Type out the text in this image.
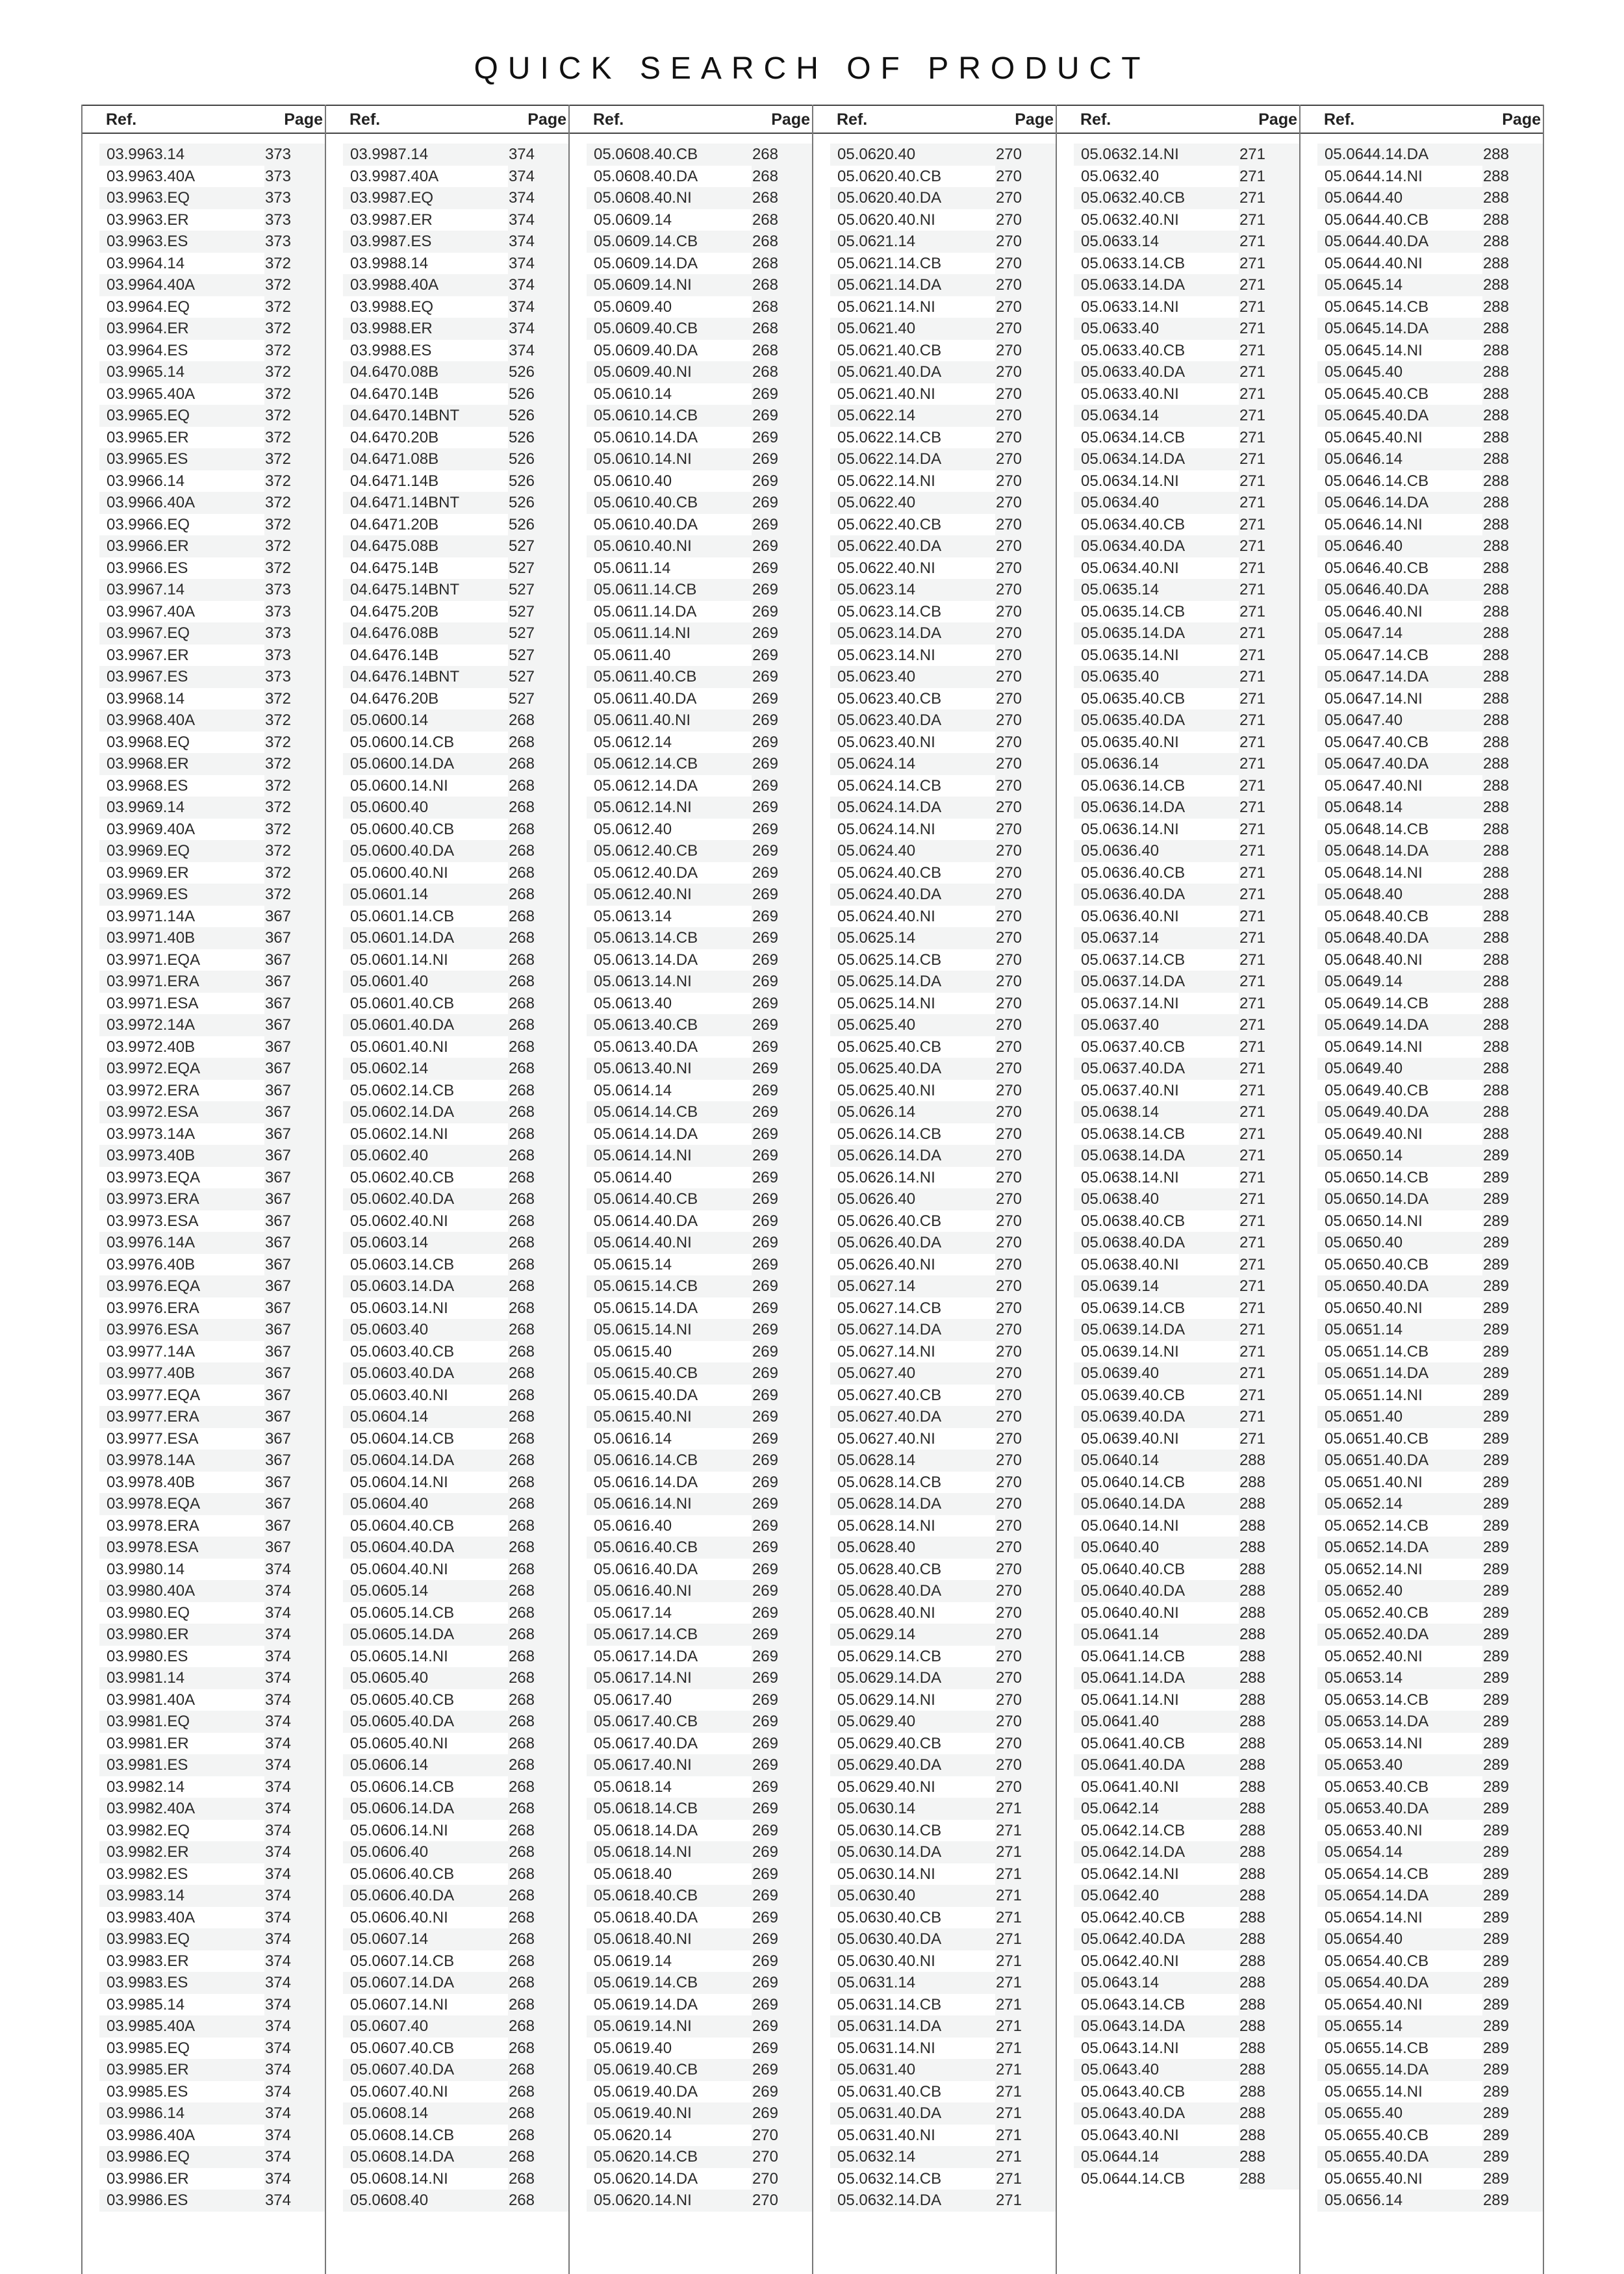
QUICK SEARCH OF PRODUCT
Ref.	Page
03.9963.14	373
03.9963.40A	373
03.9963.EQ	373
03.9963.ER	373
03.9963.ES	373
03.9964.14	372
03.9964.40A	372
03.9964.EQ	372
03.9964.ER	372
03.9964.ES	372
03.9965.14	372
03.9965.40A	372
03.9965.EQ	372
03.9965.ER	372
03.9965.ES	372
03.9966.14	372
03.9966.40A	372
03.9966.EQ	372
03.9966.ER	372
03.9966.ES	372
03.9967.14	373
03.9967.40A	373
03.9967.EQ	373
03.9967.ER	373
03.9967.ES	373
03.9968.14	372
03.9968.40A	372
03.9968.EQ	372
03.9968.ER	372
03.9968.ES	372
03.9969.14	372
03.9969.40A	372
03.9969.EQ	372
03.9969.ER	372
03.9969.ES	372
03.9971.14A	367
03.9971.40B	367
03.9971.EQA	367
03.9971.ERA	367
03.9971.ESA	367
03.9972.14A	367
03.9972.40B	367
03.9972.EQA	367
03.9972.ERA	367
03.9972.ESA	367
03.9973.14A	367
03.9973.40B	367
03.9973.EQA	367
03.9973.ERA	367
03.9973.ESA	367
03.9976.14A	367
03.9976.40B	367
03.9976.EQA	367
03.9976.ERA	367
03.9976.ESA	367
03.9977.14A	367
03.9977.40B	367
03.9977.EQA	367
03.9977.ERA	367
03.9977.ESA	367
03.9978.14A	367
03.9978.40B	367
03.9978.EQA	367
03.9978.ERA	367
03.9978.ESA	367
03.9980.14	374
03.9980.40A	374
03.9980.EQ	374
03.9980.ER	374
03.9980.ES	374
03.9981.14	374
03.9981.40A	374
03.9981.EQ	374
03.9981.ER	374
03.9981.ES	374
03.9982.14	374
03.9982.40A	374
03.9982.EQ	374
03.9982.ER	374
03.9982.ES	374
03.9983.14	374
03.9983.40A	374
03.9983.EQ	374
03.9983.ER	374
03.9983.ES	374
03.9985.14	374
03.9985.40A	374
03.9985.EQ	374
03.9985.ER	374
03.9985.ES	374
03.9986.14	374
03.9986.40A	374
03.9986.EQ	374
03.9986.ER	374
03.9986.ES	374
Ref.	Page
03.9987.14	374
03.9987.40A	374
03.9987.EQ	374
03.9987.ER	374
03.9987.ES	374
03.9988.14	374
03.9988.40A	374
03.9988.EQ	374
03.9988.ER	374
03.9988.ES	374
04.6470.08B	526
04.6470.14B	526
04.6470.14BNT	526
04.6470.20B	526
04.6471.08B	526
04.6471.14B	526
04.6471.14BNT	526
04.6471.20B	526
04.6475.08B	527
04.6475.14B	527
04.6475.14BNT	527
04.6475.20B	527
04.6476.08B	527
04.6476.14B	527
04.6476.14BNT	527
04.6476.20B	527
05.0600.14	268
05.0600.14.CB	268
05.0600.14.DA	268
05.0600.14.NI	268
05.0600.40	268
05.0600.40.CB	268
05.0600.40.DA	268
05.0600.40.NI	268
05.0601.14	268
05.0601.14.CB	268
05.0601.14.DA	268
05.0601.14.NI	268
05.0601.40	268
05.0601.40.CB	268
05.0601.40.DA	268
05.0601.40.NI	268
05.0602.14	268
05.0602.14.CB	268
05.0602.14.DA	268
05.0602.14.NI	268
05.0602.40	268
05.0602.40.CB	268
05.0602.40.DA	268
05.0602.40.NI	268
05.0603.14	268
05.0603.14.CB	268
05.0603.14.DA	268
05.0603.14.NI	268
05.0603.40	268
05.0603.40.CB	268
05.0603.40.DA	268
05.0603.40.NI	268
05.0604.14	268
05.0604.14.CB	268
05.0604.14.DA	268
05.0604.14.NI	268
05.0604.40	268
05.0604.40.CB	268
05.0604.40.DA	268
05.0604.40.NI	268
05.0605.14	268
05.0605.14.CB	268
05.0605.14.DA	268
05.0605.14.NI	268
05.0605.40	268
05.0605.40.CB	268
05.0605.40.DA	268
05.0605.40.NI	268
05.0606.14	268
05.0606.14.CB	268
05.0606.14.DA	268
05.0606.14.NI	268
05.0606.40	268
05.0606.40.CB	268
05.0606.40.DA	268
05.0606.40.NI	268
05.0607.14	268
05.0607.14.CB	268
05.0607.14.DA	268
05.0607.14.NI	268
05.0607.40	268
05.0607.40.CB	268
05.0607.40.DA	268
05.0607.40.NI	268
05.0608.14	268
05.0608.14.CB	268
05.0608.14.DA	268
05.0608.14.NI	268
05.0608.40	268
Ref.	Page
05.0608.40.CB	268
05.0608.40.DA	268
05.0608.40.NI	268
05.0609.14	268
05.0609.14.CB	268
05.0609.14.DA	268
05.0609.14.NI	268
05.0609.40	268
05.0609.40.CB	268
05.0609.40.DA	268
05.0609.40.NI	268
05.0610.14	269
05.0610.14.CB	269
05.0610.14.DA	269
05.0610.14.NI	269
05.0610.40	269
05.0610.40.CB	269
05.0610.40.DA	269
05.0610.40.NI	269
05.0611.14	269
05.0611.14.CB	269
05.0611.14.DA	269
05.0611.14.NI	269
05.0611.40	269
05.0611.40.CB	269
05.0611.40.DA	269
05.0611.40.NI	269
05.0612.14	269
05.0612.14.CB	269
05.0612.14.DA	269
05.0612.14.NI	269
05.0612.40	269
05.0612.40.CB	269
05.0612.40.DA	269
05.0612.40.NI	269
05.0613.14	269
05.0613.14.CB	269
05.0613.14.DA	269
05.0613.14.NI	269
05.0613.40	269
05.0613.40.CB	269
05.0613.40.DA	269
05.0613.40.NI	269
05.0614.14	269
05.0614.14.CB	269
05.0614.14.DA	269
05.0614.14.NI	269
05.0614.40	269
05.0614.40.CB	269
05.0614.40.DA	269
05.0614.40.NI	269
05.0615.14	269
05.0615.14.CB	269
05.0615.14.DA	269
05.0615.14.NI	269
05.0615.40	269
05.0615.40.CB	269
05.0615.40.DA	269
05.0615.40.NI	269
05.0616.14	269
05.0616.14.CB	269
05.0616.14.DA	269
05.0616.14.NI	269
05.0616.40	269
05.0616.40.CB	269
05.0616.40.DA	269
05.0616.40.NI	269
05.0617.14	269
05.0617.14.CB	269
05.0617.14.DA	269
05.0617.14.NI	269
05.0617.40	269
05.0617.40.CB	269
05.0617.40.DA	269
05.0617.40.NI	269
05.0618.14	269
05.0618.14.CB	269
05.0618.14.DA	269
05.0618.14.NI	269
05.0618.40	269
05.0618.40.CB	269
05.0618.40.DA	269
05.0618.40.NI	269
05.0619.14	269
05.0619.14.CB	269
05.0619.14.DA	269
05.0619.14.NI	269
05.0619.40	269
05.0619.40.CB	269
05.0619.40.DA	269
05.0619.40.NI	269
05.0620.14	270
05.0620.14.CB	270
05.0620.14.DA	270
05.0620.14.NI	270
Ref.	Page
05.0620.40	270
05.0620.40.CB	270
05.0620.40.DA	270
05.0620.40.NI	270
05.0621.14	270
05.0621.14.CB	270
05.0621.14.DA	270
05.0621.14.NI	270
05.0621.40	270
05.0621.40.CB	270
05.0621.40.DA	270
05.0621.40.NI	270
05.0622.14	270
05.0622.14.CB	270
05.0622.14.DA	270
05.0622.14.NI	270
05.0622.40	270
05.0622.40.CB	270
05.0622.40.DA	270
05.0622.40.NI	270
05.0623.14	270
05.0623.14.CB	270
05.0623.14.DA	270
05.0623.14.NI	270
05.0623.40	270
05.0623.40.CB	270
05.0623.40.DA	270
05.0623.40.NI	270
05.0624.14	270
05.0624.14.CB	270
05.0624.14.DA	270
05.0624.14.NI	270
05.0624.40	270
05.0624.40.CB	270
05.0624.40.DA	270
05.0624.40.NI	270
05.0625.14	270
05.0625.14.CB	270
05.0625.14.DA	270
05.0625.14.NI	270
05.0625.40	270
05.0625.40.CB	270
05.0625.40.DA	270
05.0625.40.NI	270
05.0626.14	270
05.0626.14.CB	270
05.0626.14.DA	270
05.0626.14.NI	270
05.0626.40	270
05.0626.40.CB	270
05.0626.40.DA	270
05.0626.40.NI	270
05.0627.14	270
05.0627.14.CB	270
05.0627.14.DA	270
05.0627.14.NI	270
05.0627.40	270
05.0627.40.CB	270
05.0627.40.DA	270
05.0627.40.NI	270
05.0628.14	270
05.0628.14.CB	270
05.0628.14.DA	270
05.0628.14.NI	270
05.0628.40	270
05.0628.40.CB	270
05.0628.40.DA	270
05.0628.40.NI	270
05.0629.14	270
05.0629.14.CB	270
05.0629.14.DA	270
05.0629.14.NI	270
05.0629.40	270
05.0629.40.CB	270
05.0629.40.DA	270
05.0629.40.NI	270
05.0630.14	271
05.0630.14.CB	271
05.0630.14.DA	271
05.0630.14.NI	271
05.0630.40	271
05.0630.40.CB	271
05.0630.40.DA	271
05.0630.40.NI	271
05.0631.14	271
05.0631.14.CB	271
05.0631.14.DA	271
05.0631.14.NI	271
05.0631.40	271
05.0631.40.CB	271
05.0631.40.DA	271
05.0631.40.NI	271
05.0632.14	271
05.0632.14.CB	271
05.0632.14.DA	271
Ref.	Page
05.0632.14.NI	271
05.0632.40	271
05.0632.40.CB	271
05.0632.40.NI	271
05.0633.14	271
05.0633.14.CB	271
05.0633.14.DA	271
05.0633.14.NI	271
05.0633.40	271
05.0633.40.CB	271
05.0633.40.DA	271
05.0633.40.NI	271
05.0634.14	271
05.0634.14.CB	271
05.0634.14.DA	271
05.0634.14.NI	271
05.0634.40	271
05.0634.40.CB	271
05.0634.40.DA	271
05.0634.40.NI	271
05.0635.14	271
05.0635.14.CB	271
05.0635.14.DA	271
05.0635.14.NI	271
05.0635.40	271
05.0635.40.CB	271
05.0635.40.DA	271
05.0635.40.NI	271
05.0636.14	271
05.0636.14.CB	271
05.0636.14.DA	271
05.0636.14.NI	271
05.0636.40	271
05.0636.40.CB	271
05.0636.40.DA	271
05.0636.40.NI	271
05.0637.14	271
05.0637.14.CB	271
05.0637.14.DA	271
05.0637.14.NI	271
05.0637.40	271
05.0637.40.CB	271
05.0637.40.DA	271
05.0637.40.NI	271
05.0638.14	271
05.0638.14.CB	271
05.0638.14.DA	271
05.0638.14.NI	271
05.0638.40	271
05.0638.40.CB	271
05.0638.40.DA	271
05.0638.40.NI	271
05.0639.14	271
05.0639.14.CB	271
05.0639.14.DA	271
05.0639.14.NI	271
05.0639.40	271
05.0639.40.CB	271
05.0639.40.DA	271
05.0639.40.NI	271
05.0640.14	288
05.0640.14.CB	288
05.0640.14.DA	288
05.0640.14.NI	288
05.0640.40	288
05.0640.40.CB	288
05.0640.40.DA	288
05.0640.40.NI	288
05.0641.14	288
05.0641.14.CB	288
05.0641.14.DA	288
05.0641.14.NI	288
05.0641.40	288
05.0641.40.CB	288
05.0641.40.DA	288
05.0641.40.NI	288
05.0642.14	288
05.0642.14.CB	288
05.0642.14.DA	288
05.0642.14.NI	288
05.0642.40	288
05.0642.40.CB	288
05.0642.40.DA	288
05.0642.40.NI	288
05.0643.14	288
05.0643.14.CB	288
05.0643.14.DA	288
05.0643.14.NI	288
05.0643.40	288
05.0643.40.CB	288
05.0643.40.DA	288
05.0643.40.NI	288
05.0644.14	288
05.0644.14.CB	288
Ref.	Page
05.0644.14.DA	288
05.0644.14.NI	288
05.0644.40	288
05.0644.40.CB	288
05.0644.40.DA	288
05.0644.40.NI	288
05.0645.14	288
05.0645.14.CB	288
05.0645.14.DA	288
05.0645.14.NI	288
05.0645.40	288
05.0645.40.CB	288
05.0645.40.DA	288
05.0645.40.NI	288
05.0646.14	288
05.0646.14.CB	288
05.0646.14.DA	288
05.0646.14.NI	288
05.0646.40	288
05.0646.40.CB	288
05.0646.40.DA	288
05.0646.40.NI	288
05.0647.14	288
05.0647.14.CB	288
05.0647.14.DA	288
05.0647.14.NI	288
05.0647.40	288
05.0647.40.CB	288
05.0647.40.DA	288
05.0647.40.NI	288
05.0648.14	288
05.0648.14.CB	288
05.0648.14.DA	288
05.0648.14.NI	288
05.0648.40	288
05.0648.40.CB	288
05.0648.40.DA	288
05.0648.40.NI	288
05.0649.14	288
05.0649.14.CB	288
05.0649.14.DA	288
05.0649.14.NI	288
05.0649.40	288
05.0649.40.CB	288
05.0649.40.DA	288
05.0649.40.NI	288
05.0650.14	289
05.0650.14.CB	289
05.0650.14.DA	289
05.0650.14.NI	289
05.0650.40	289
05.0650.40.CB	289
05.0650.40.DA	289
05.0650.40.NI	289
05.0651.14	289
05.0651.14.CB	289
05.0651.14.DA	289
05.0651.14.NI	289
05.0651.40	289
05.0651.40.CB	289
05.0651.40.DA	289
05.0651.40.NI	289
05.0652.14	289
05.0652.14.CB	289
05.0652.14.DA	289
05.0652.14.NI	289
05.0652.40	289
05.0652.40.CB	289
05.0652.40.DA	289
05.0652.40.NI	289
05.0653.14	289
05.0653.14.CB	289
05.0653.14.DA	289
05.0653.14.NI	289
05.0653.40	289
05.0653.40.CB	289
05.0653.40.DA	289
05.0653.40.NI	289
05.0654.14	289
05.0654.14.CB	289
05.0654.14.DA	289
05.0654.14.NI	289
05.0654.40	289
05.0654.40.CB	289
05.0654.40.DA	289
05.0654.40.NI	289
05.0655.14	289
05.0655.14.CB	289
05.0655.14.DA	289
05.0655.14.NI	289
05.0655.40	289
05.0655.40.CB	289
05.0655.40.DA	289
05.0655.40.NI	289
05.0656.14	289
